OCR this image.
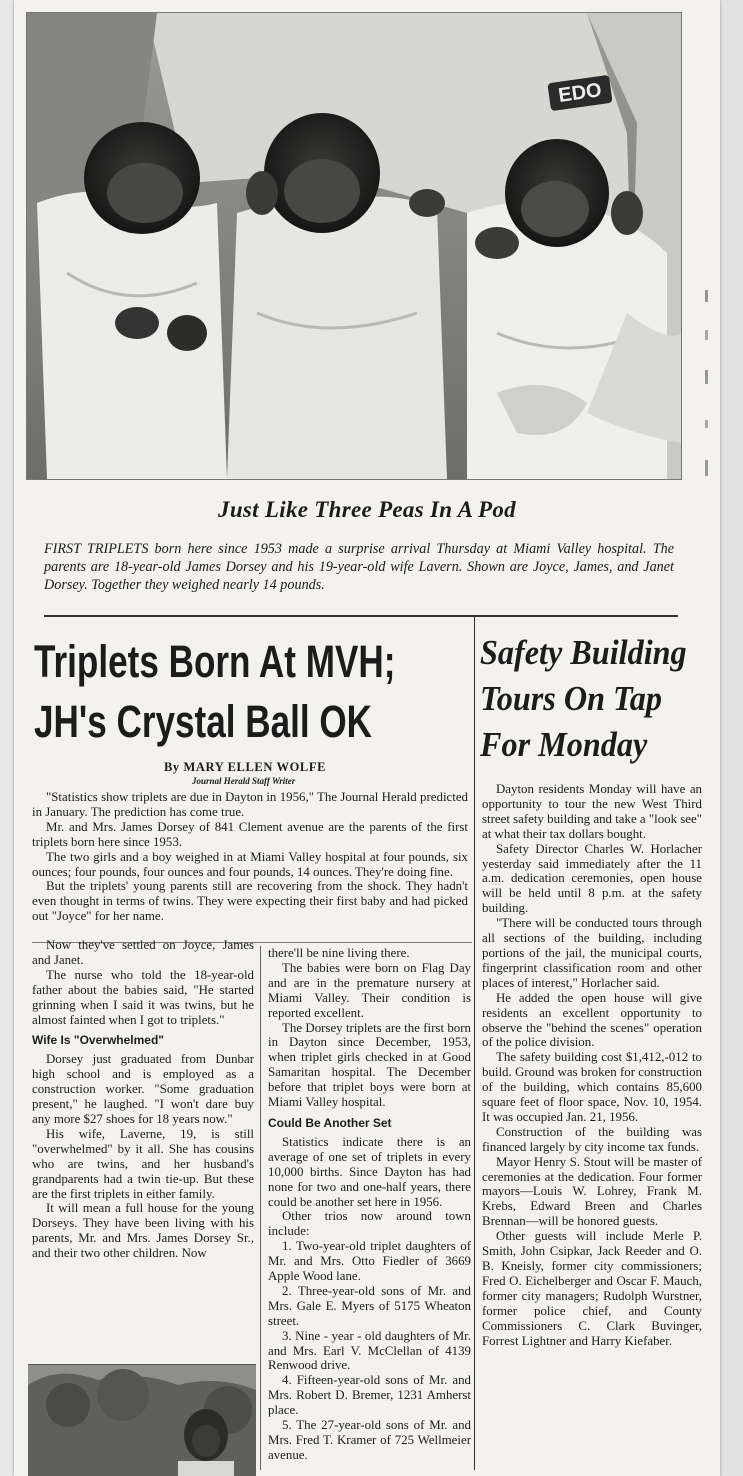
EDO
Just Like Three Peas In A Pod
FIRST TRIPLETS born here since 1953 made a surprise arrival Thursday at Miami Valley hospital. The parents are 18-year-old James Dorsey and his 19-year-old wife Lavern. Shown are Joyce, James, and Janet Dorsey. Together they weighed nearly 14 pounds.
Triplets Born At MVH;
JH's Crystal Ball OK
By MARY ELLEN WOLFE
Journal Herald Staff Writer

"Statistics show triplets are due in Dayton in 1956," The Journal Herald predicted in January. The prediction has come true.

Mr. and Mrs. James Dorsey of 841 Clement avenue are the parents of the first triplets born here since 1953.

The two girls and a boy weighed in at Miami Valley hospital at four pounds, six ounces; four pounds, four ounces and four pounds, 14 ounces. They're doing fine.

But the triplets' young parents still are recovering from the shock. They hadn't even thought in terms of twins. They were expecting their first baby and had picked out "Joyce" for her name.

Now they've settled on Joyce, James and Janet.

The nurse who told the 18-year-old father about the babies said, "He started grinning when I said it was twins, but he almost fainted when I got to triplets."

Wife Is "Overwhelmed"

Dorsey just graduated from Dunbar high school and is employed as a construction worker. "Some graduation present," he laughed. "I won't dare buy any more $27 shoes for 18 years now."

His wife, Laverne, 19, is still "overwhelmed" by it all. She has cousins who are twins, and her husband's grandparents had a twin tie-up. But these are the first triplets in either family.

It will mean a full house for the young Dorseys. They have been living with his parents, Mr. and Mrs. James Dorsey Sr., and their two other children. Now

there'll be nine living there.

The babies were born on Flag Day and are in the premature nursery at Miami Valley. Their condition is reported excellent.

The Dorsey triplets are the first born in Dayton since December, 1953, when triplet girls checked in at Good Samaritan hospital. The December before that triplet boys were born at Miami Valley hospital.

Could Be Another Set

Statistics indicate there is an average of one set of triplets in every 10,000 births. Since Dayton has had none for two and one-half years, there could be another set here in 1956.

Other trios now around town include:

1. Two-year-old triplet daughters of Mr. and Mrs. Otto Fiedler of 3669 Apple Wood lane.

2. Three-year-old sons of Mr. and Mrs. Gale E. Myers of 5175 Wheaton street.

3. Nine - year - old daughters of Mr. and Mrs. Earl V. McClellan of 4139 Renwood drive.

4. Fifteen-year-old sons of Mr. and Mrs. Robert D. Bremer, 1231 Amherst place.

5. The 27-year-old sons of Mr. and Mrs. Fred T. Kramer of 725 Wellmeier avenue.

Safety Building
Tours On Tap
For Monday

Dayton residents Monday will have an opportunity to tour the new West Third street safety building and take a "look see" at what their tax dollars bought.

Safety Director Charles W. Horlacher yesterday said immediately after the 11 a.m. dedication ceremonies, open house will be held until 8 p.m. at the safety building.

"There will be conducted tours through all sections of the building, including portions of the jail, the municipal courts, fingerprint classification room and other places of interest," Horlacher said.

He added the open house will give residents an excellent opportunity to observe the "behind the scenes" operation of the police division.

The safety building cost $1,412,-012 to build. Ground was broken for construction of the building, which contains 85,600 square feet of floor space, Nov. 10, 1954. It was occupied Jan. 21, 1956.

Construction of the building was financed largely by city income tax funds.

Mayor Henry S. Stout will be master of ceremonies at the dedication. Four former mayors—Louis W. Lohrey, Frank M. Krebs, Edward Breen and Charles Brennan—will be honored guests.

Other guests will include Merle P. Smith, John Csipkar, Jack Reeder and O. B. Kneisly, former city commissioners; Fred O. Eichelberger and Oscar F. Mauch, former city managers; Rudolph Wurstner, former police chief, and County Commissioners C. Clark Buvinger, Forrest Lightner and Harry Kiefaber.
